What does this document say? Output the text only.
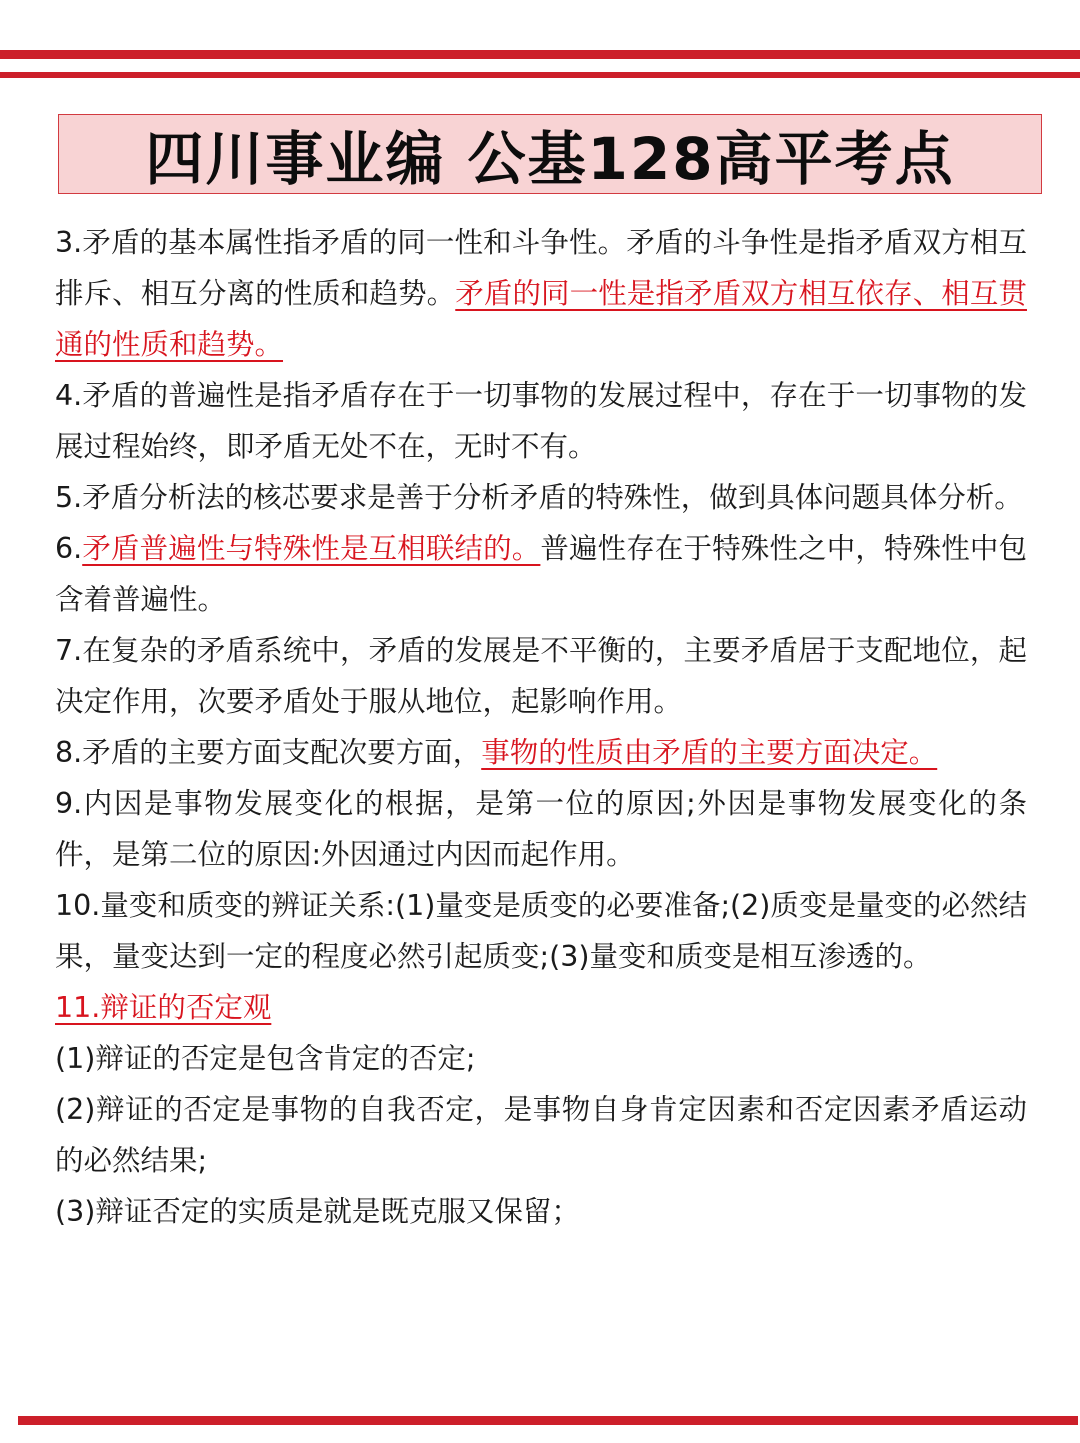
四川事业编 公基128高平考点

3.矛盾的基本属性指矛盾的同一性和斗争性。矛盾的斗争性是指矛盾双方相互排斥、相互分离的性质和趋势。矛盾的同一性是指矛盾双方相互依存、相互贯通的性质和趋势。

4.矛盾的普遍性是指矛盾存在于一切事物的发展过程中，存在于一切事物的发展过程始终，即矛盾无处不在，无时不有。

5.矛盾分析法的核芯要求是善于分析矛盾的特殊性，做到具体问题具体分析。

6.矛盾普遍性与特殊性是互相联结的。普遍性存在于特殊性之中，特殊性中包含着普遍性。

7.在复杂的矛盾系统中，矛盾的发展是不平衡的，主要矛盾居于支配地位，起决定作用，次要矛盾处于服从地位，起影响作用。

8.矛盾的主要方面支配次要方面，事物的性质由矛盾的主要方面决定。

9.内因是事物发展变化的根据，是第一位的原因;外因是事物发展变化的条件，是第二位的原因:外因通过内因而起作用。

10.量变和质变的辨证关系:(1)量变是质变的必要准备;(2)质变是量变的必然结果，量变达到一定的程度必然引起质变;(3)量变和质变是相互渗透的。

11.辩证的否定观

(1)辩证的否定是包含肯定的否定;

(2)辩证的否定是事物的自我否定，是事物自身肯定因素和否定因素矛盾运动的必然结果;

(3)辩证否定的实质是就是既克服又保留；
